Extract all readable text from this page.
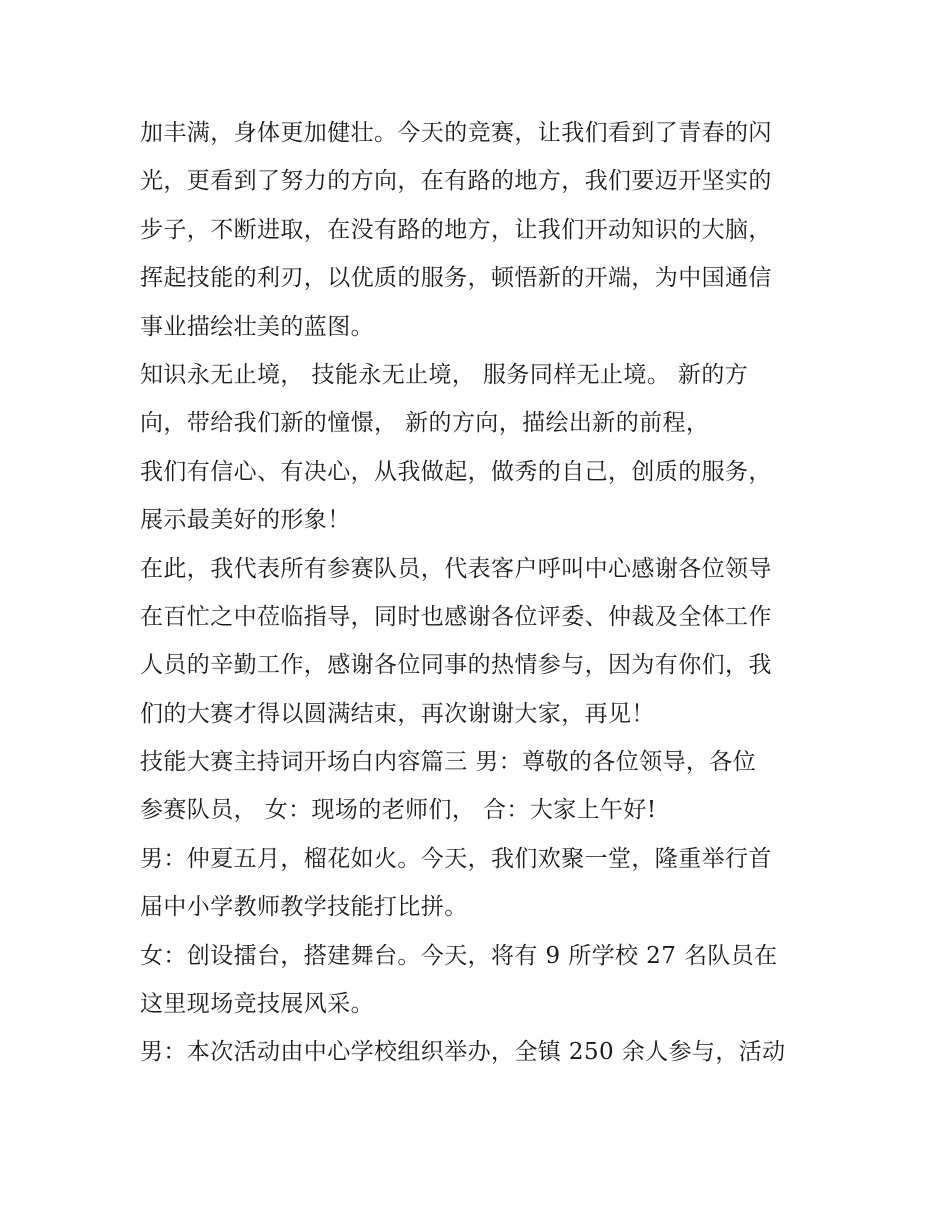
加丰满，身体更加健壮。今天的竞赛，让我们看到了青春的闪
光，更看到了努力的方向，在有路的地方，我们要迈开坚实的
步子，不断进取，在没有路的地方，让我们开动知识的大脑，
挥起技能的利刃，以优质的服务，顿悟新的开端，为中国通信
事业描绘壮美的蓝图。
知识永无止境， 技能永无止境， 服务同样无止境。 新的方
向，带给我们新的憧憬， 新的方向，描绘出新的前程，
我们有信心、有决心，从我做起，做秀的自己，创质的服务，
展示最美好的形象！
在此，我代表所有参赛队员，代表客户呼叫中心感谢各位领导
在百忙之中莅临指导，同时也感谢各位评委、仲裁及全体工作
人员的辛勤工作，感谢各位同事的热情参与，因为有你们，我
们的大赛才得以圆满结束，再次谢谢大家，再见！
技能大赛主持词开场白内容篇三 男：尊敬的各位领导，各位
参赛队员， 女：现场的老师们， 合：大家上午好!
男：仲夏五月，榴花如火。今天，我们欢聚一堂，隆重举行首
届中小学教师教学技能打比拼。
女：创设擂台，搭建舞台。今天，将有 9 所学校 27 名队员在
这里现场竞技展风采。
男：本次活动由中心学校组织举办，全镇 250 余人参与，活动
